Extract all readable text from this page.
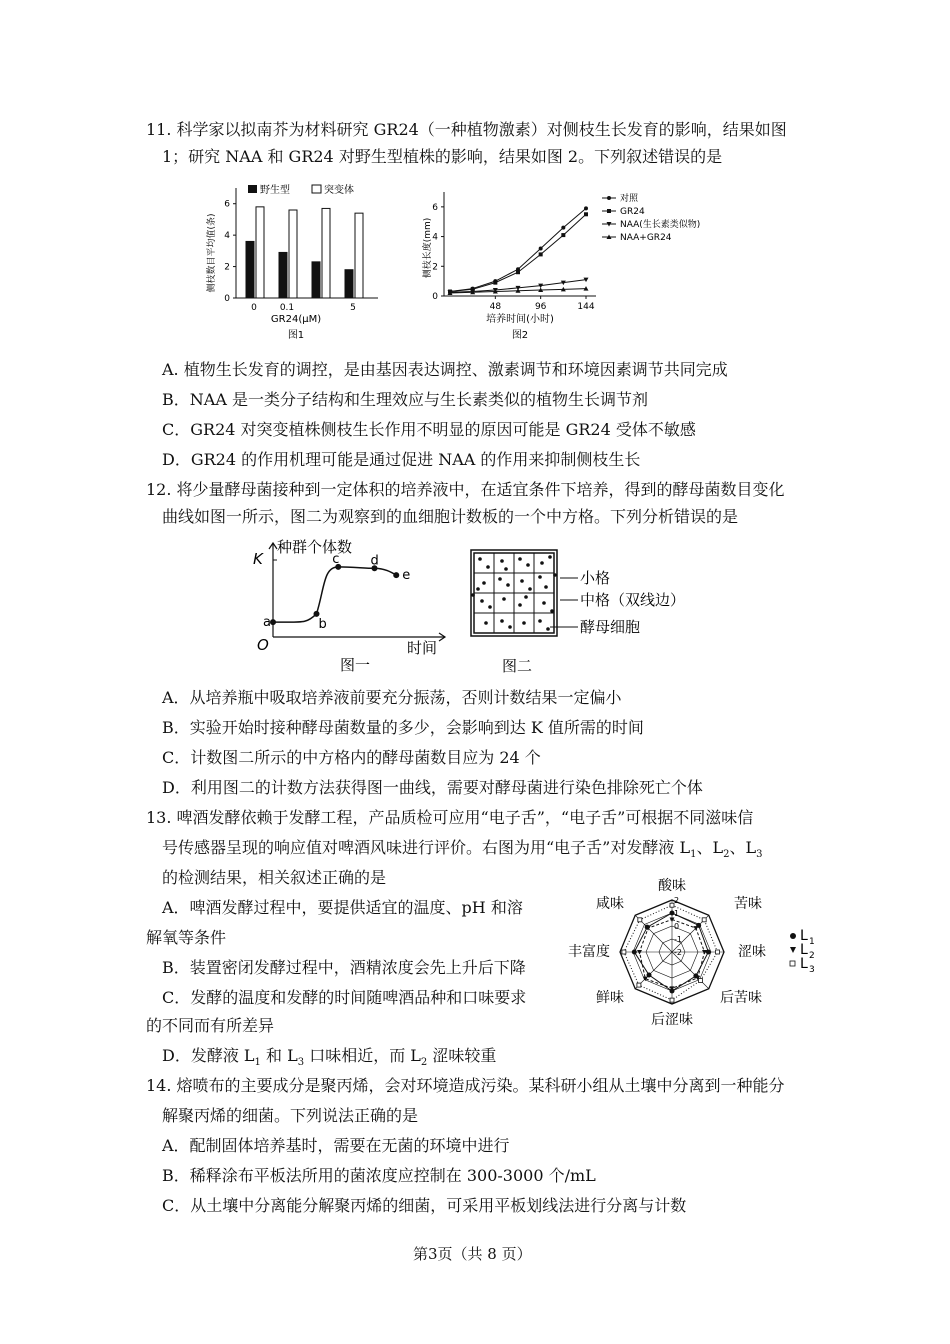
11. 科学家以拟南芥为材料研究 GR24（一种植物激素）对侧枝生长发育的影响，结果如图
1；研究 NAA 和 GR24 对野生型植株的影响，结果如图 2。下列叙述错误的是
0
2
4
6
0	0.1	5
野生型	突变体
侧枝数目平均值(条)
GR24(μM)
图1
0
2
4
6
48	96	144
对照
GR24
NAA(生长素类似物)
NAA+GR24
侧枝长度(mm)
培养时间(小时)
图2
A. 植物生长发育的调控，是由基因表达调控、激素调节和环境因素调节共同完成
B．NAA 是一类分子结构和生理效应与生长素类似的植物生长调节剂
C．GR24 对突变植株侧枝生长作用不明显的原因可能是 GR24 受体不敏感
D．GR24 的作用机理可能是通过促进 NAA 的作用来抑制侧枝生长
12. 将少量酵母菌接种到一定体积的培养液中，在适宜条件下培养，得到的酵母菌数目变化
曲线如图一所示，图二为观察到的血细胞计数板的一个中方格。下列分析错误的是
a	b
c d
e
种群个体数
K
O	时间
图一
小格
中格（双线边）
酵母细胞
图二
A．从培养瓶中吸取培养液前要充分振荡，否则计数结果一定偏小
B．实验开始时接种酵母菌数量的多少，会影响到达 K 值所需的时间
C．计数图二所示的中方格内的酵母菌数目应为 24 个
D．利用图二的计数方法获得图一曲线，需要对酵母菌进行染色排除死亡个体
13. 啤酒发酵依赖于发酵工程，产品质检可应用“电子舌”，“电子舌”可根据不同滋味信
号传感器呈现的响应值对啤酒风味进行评价。右图为用“电子舌”对发酵液 $L_1$、$L_2$、$L_3$
的检测结果，相关叙述正确的是
A．啤酒发酵过程中，要提供适宜的温度、pH 和溶
解氧等条件
B．装置密闭发酵过程中，酒精浓度会先上升后下降
C．发酵的温度和发酵的时间随啤酒品种和口味要求
的不同而有所差异
D．发酵液 $L_1$ 和 $L_3$ 口味相近，而 $L_2$ 涩味较重
2
1
0
-1
-2
酸味
苦味
涩味
后苦味
后涩味
鲜味
丰富度
咸味
L 1
L 2
L 3
14. 熔喷布的主要成分是聚丙烯，会对环境造成污染。某科研小组从土壤中分离到一种能分
解聚丙烯的细菌。下列说法正确的是
A．配制固体培养基时，需要在无菌的环境中进行
B．稀释涂布平板法所用的菌浓度应控制在 300-3000 个/mL
C．从土壤中分离能分解聚丙烯的细菌，可采用平板划线法进行分离与计数
第3页（共 8 页）
